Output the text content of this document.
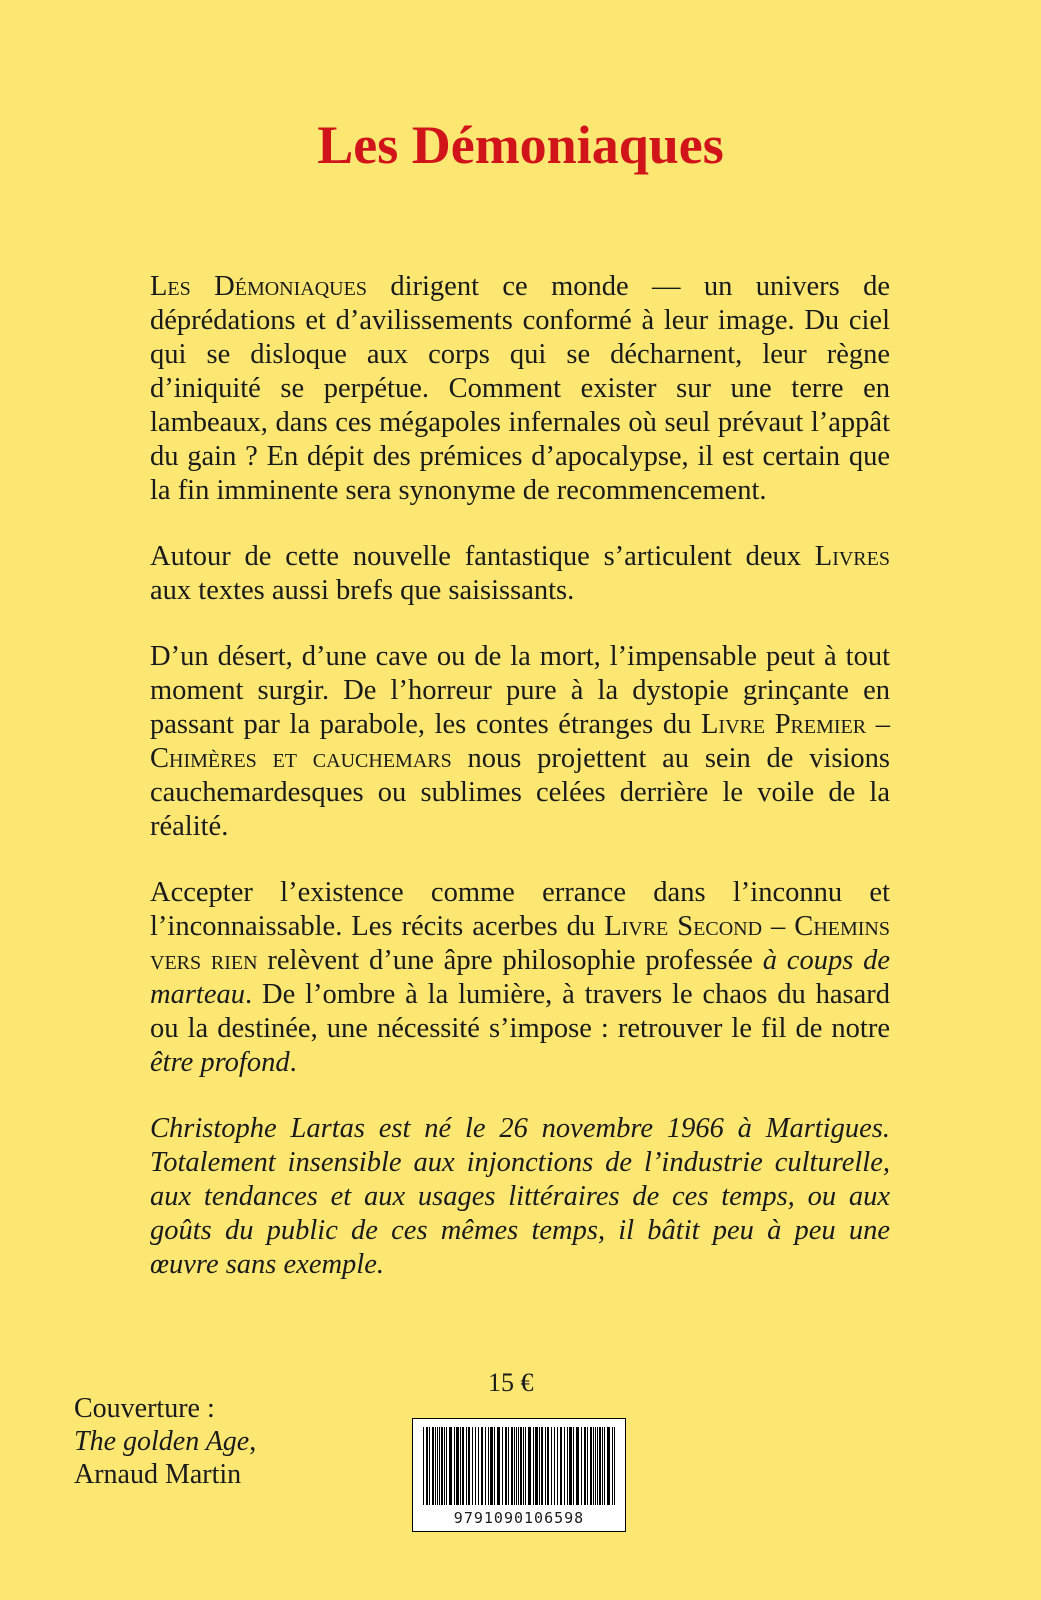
Les Démoniaques

Les Démoniaques dirigent ce monde — un univers de déprédations et d’avilissements conformé à leur image. Du ciel qui se disloque aux corps qui se décharnent, leur règne d’iniquité se perpétue. Comment exister sur une terre en lambeaux, dans ces mégapoles infernales où seul prévaut l’appât du gain ? En dépit des prémices d’apocalypse, il est certain que la fin imminente sera synonyme de recommencement.

Autour de cette nouvelle fantastique s’articulent deux Livres aux textes aussi brefs que saisissants.

D’un désert, d’une cave ou de la mort, l’impensable peut à tout moment surgir. De l’horreur pure à la dystopie grinçante en passant par la parabole, les contes étranges du Livre Premier – Chimères et cauchemars nous projettent au sein de visions cauchemardesques ou sublimes celées derrière le voile de la réalité.

Accepter l’existence comme errance dans l’inconnu et l’inconnaissable. Les récits acerbes du Livre Second – Chemins vers rien relèvent d’une âpre philosophie professée à coups de marteau. De l’ombre à la lumière, à travers le chaos du hasard ou la destinée, une nécessité s’impose : retrouver le fil de notre être profond.

Christophe Lartas est né le 26 novembre 1966 à Martigues. Totalement insensible aux injonctions de l’industrie culturelle, aux tendances et aux usages littéraires de ces temps, ou aux goûts du public de ces mêmes temps, il bâtit peu à peu une œuvre sans exemple.

15 €
Couverture :
The golden Age,
Arnaud Martin
9791090106598
